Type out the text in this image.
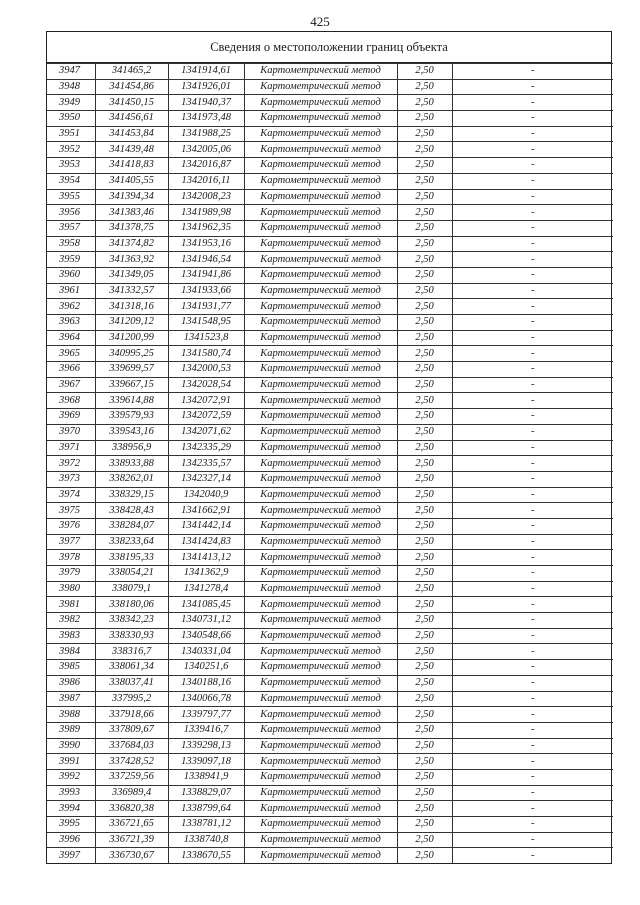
425
Сведения о местоположении границ объекта
3947	341465,2	1341914,61	Картометрический метод	2,50	-
3948	341454,86	1341926,01	Картометрический метод	2,50	-
3949	341450,15	1341940,37	Картометрический метод	2,50	-
3950	341456,61	1341973,48	Картометрический метод	2,50	-
3951	341453,84	1341988,25	Картометрический метод	2,50	-
3952	341439,48	1342005,06	Картометрический метод	2,50	-
3953	341418,83	1342016,87	Картометрический метод	2,50	-
3954	341405,55	1342016,11	Картометрический метод	2,50	-
3955	341394,34	1342008,23	Картометрический метод	2,50	-
3956	341383,46	1341989,98	Картометрический метод	2,50	-
3957	341378,75	1341962,35	Картометрический метод	2,50	-
3958	341374,82	1341953,16	Картометрический метод	2,50	-
3959	341363,92	1341946,54	Картометрический метод	2,50	-
3960	341349,05	1341941,86	Картометрический метод	2,50	-
3961	341332,57	1341933,66	Картометрический метод	2,50	-
3962	341318,16	1341931,77	Картометрический метод	2,50	-
3963	341209,12	1341548,95	Картометрический метод	2,50	-
3964	341200,99	1341523,8	Картометрический метод	2,50	-
3965	340995,25	1341580,74	Картометрический метод	2,50	-
3966	339699,57	1342000,53	Картометрический метод	2,50	-
3967	339667,15	1342028,54	Картометрический метод	2,50	-
3968	339614,88	1342072,91	Картометрический метод	2,50	-
3969	339579,93	1342072,59	Картометрический метод	2,50	-
3970	339543,16	1342071,62	Картометрический метод	2,50	-
3971	338956,9	1342335,29	Картометрический метод	2,50	-
3972	338933,88	1342335,57	Картометрический метод	2,50	-
3973	338262,01	1342327,14	Картометрический метод	2,50	-
3974	338329,15	1342040,9	Картометрический метод	2,50	-
3975	338428,43	1341662,91	Картометрический метод	2,50	-
3976	338284,07	1341442,14	Картометрический метод	2,50	-
3977	338233,64	1341424,83	Картометрический метод	2,50	-
3978	338195,33	1341413,12	Картометрический метод	2,50	-
3979	338054,21	1341362,9	Картометрический метод	2,50	-
3980	338079,1	1341278,4	Картометрический метод	2,50	-
3981	338180,06	1341085,45	Картометрический метод	2,50	-
3982	338342,23	1340731,12	Картометрический метод	2,50	-
3983	338330,93	1340548,66	Картометрический метод	2,50	-
3984	338316,7	1340331,04	Картометрический метод	2,50	-
3985	338061,34	1340251,6	Картометрический метод	2,50	-
3986	338037,41	1340188,16	Картометрический метод	2,50	-
3987	337995,2	1340066,78	Картометрический метод	2,50	-
3988	337918,66	1339797,77	Картометрический метод	2,50	-
3989	337809,67	1339416,7	Картометрический метод	2,50	-
3990	337684,03	1339298,13	Картометрический метод	2,50	-
3991	337428,52	1339097,18	Картометрический метод	2,50	-
3992	337259,56	1338941,9	Картометрический метод	2,50	-
3993	336989,4	1338829,07	Картометрический метод	2,50	-
3994	336820,38	1338799,64	Картометрический метод	2,50	-
3995	336721,65	1338781,12	Картометрический метод	2,50	-
3996	336721,39	1338740,8	Картометрический метод	2,50	-
3997	336730,67	1338670,55	Картометрический метод	2,50	-
